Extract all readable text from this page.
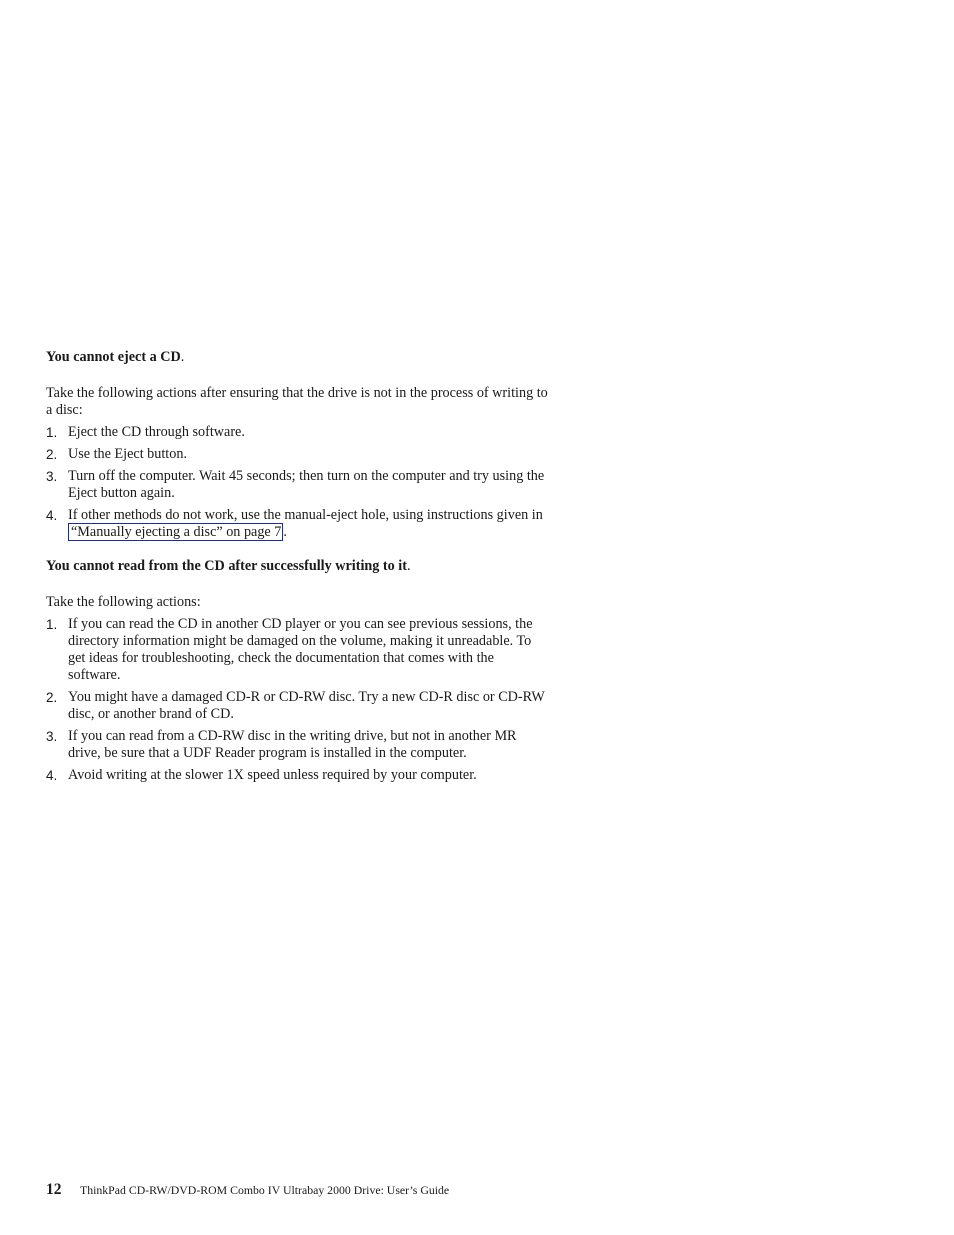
You cannot eject a CD.

Take the following actions after ensuring that the drive is not in the process of writing to a disc:

1. Eject the CD through software.
2. Use the Eject button.
3. Turn off the computer. Wait 45 seconds; then turn on the computer and try using the Eject button again.
4. If other methods do not work, use the manual-eject hole, using instructions given in “Manually ejecting a disc” on page 7 .

You cannot read from the CD after successfully writing to it.

Take the following actions:

1. If you can read the CD in another CD player or you can see previous sessions, the directory information might be damaged on the volume, making it unreadable. To get ideas for troubleshooting, check the documentation that comes with the software.
2. You might have a damaged CD-R or CD-RW disc. Try a new CD-R disc or CD-RW disc, or another brand of CD.
3. If you can read from a CD-RW disc in the writing drive, but not in another MR drive, be sure that a UDF Reader program is installed in the computer.
4. Avoid writing at the slower 1X speed unless required by your computer.
12 ThinkPad CD-RW/DVD-ROM Combo IV Ultrabay 2000 Drive: User’s Guide
